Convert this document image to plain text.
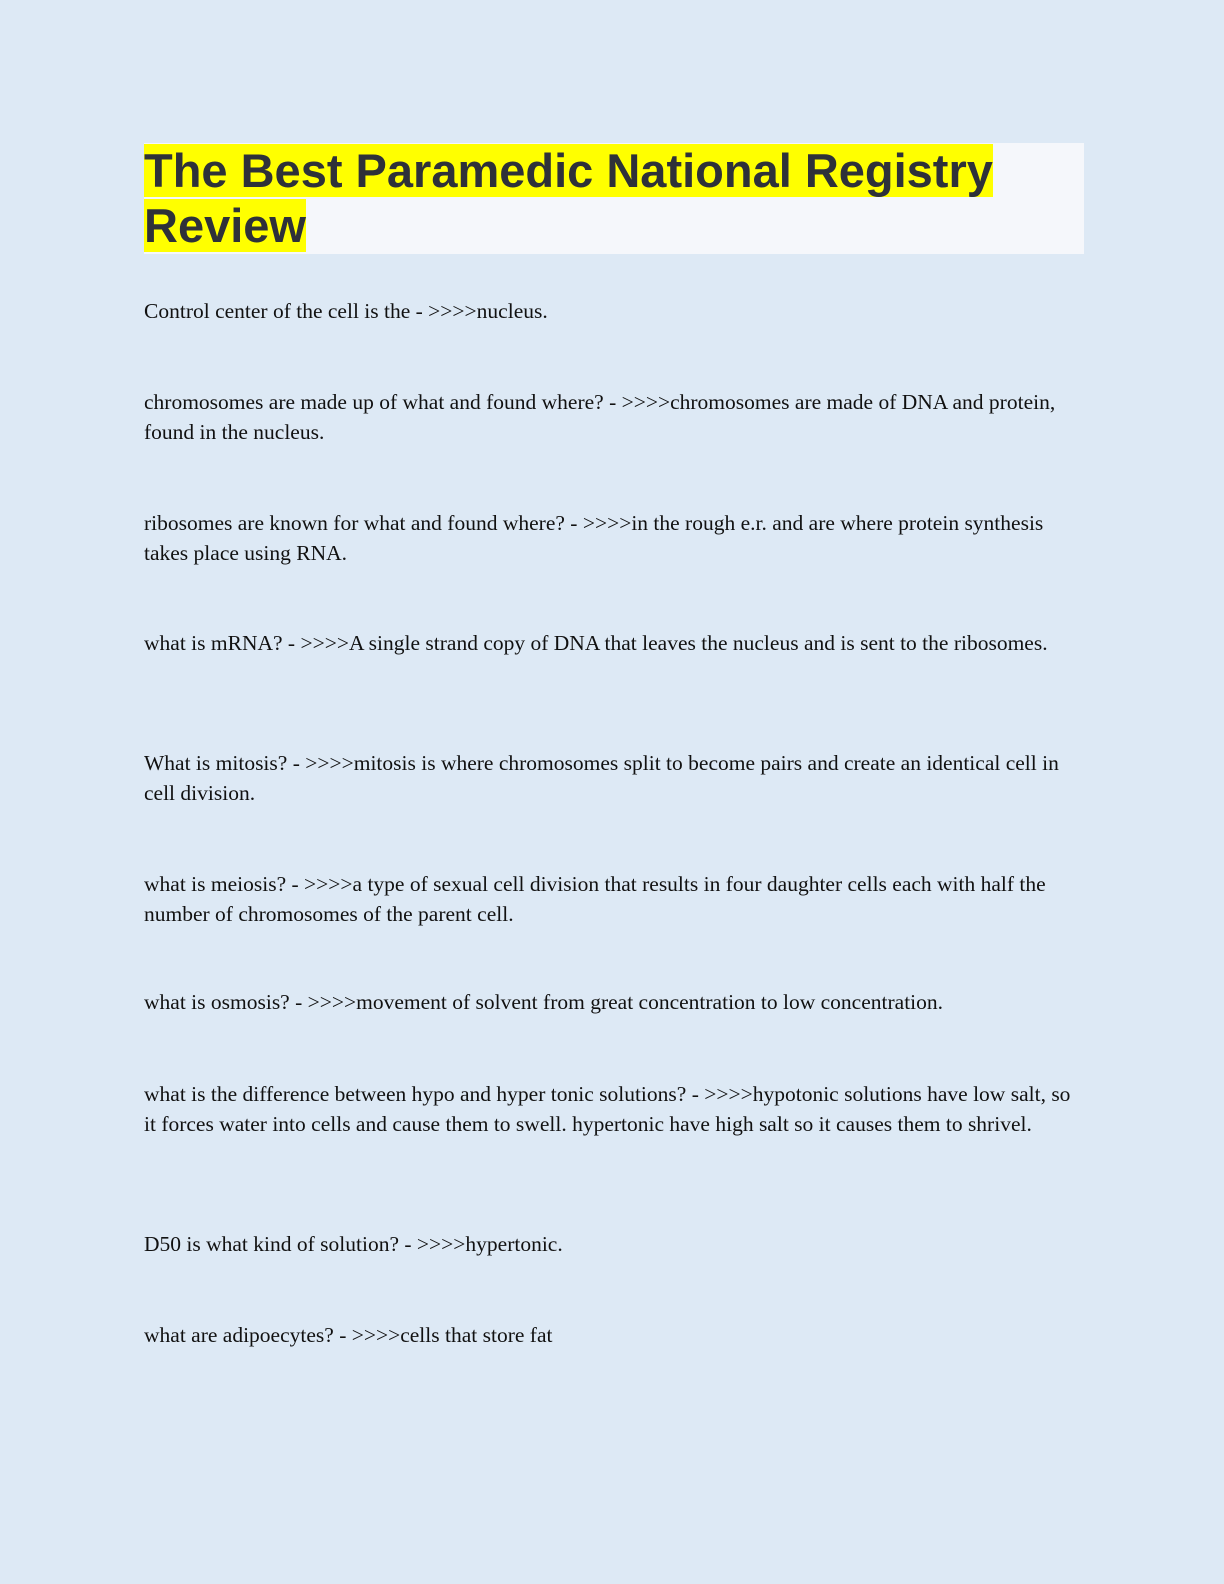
The Best Paramedic National Registry Review

Control center of the cell is the - >>>>nucleus.

chromosomes are made up of what and found where? - >>>>chromosomes are made of DNA and protein, found in the nucleus.

ribosomes are known for what and found where? - >>>>in the rough e.r. and are where protein synthesis takes place using RNA.

what is mRNA? - >>>>A single strand copy of DNA that leaves the nucleus and is sent to the ribosomes.

What is mitosis? - >>>>mitosis is where chromosomes split to become pairs and create an identical cell in cell division.

what is meiosis? - >>>>a type of sexual cell division that results in four daughter cells each with half the number of chromosomes of the parent cell.

what is osmosis? - >>>>movement of solvent from great concentration to low concentration.

what is the difference between hypo and hyper tonic solutions? - >>>>hypotonic solutions have low salt, so it forces water into cells and cause them to swell. hypertonic have high salt so it causes them to shrivel.

D50 is what kind of solution? - >>>>hypertonic.

what are adipoecytes? - >>>>cells that store fat
